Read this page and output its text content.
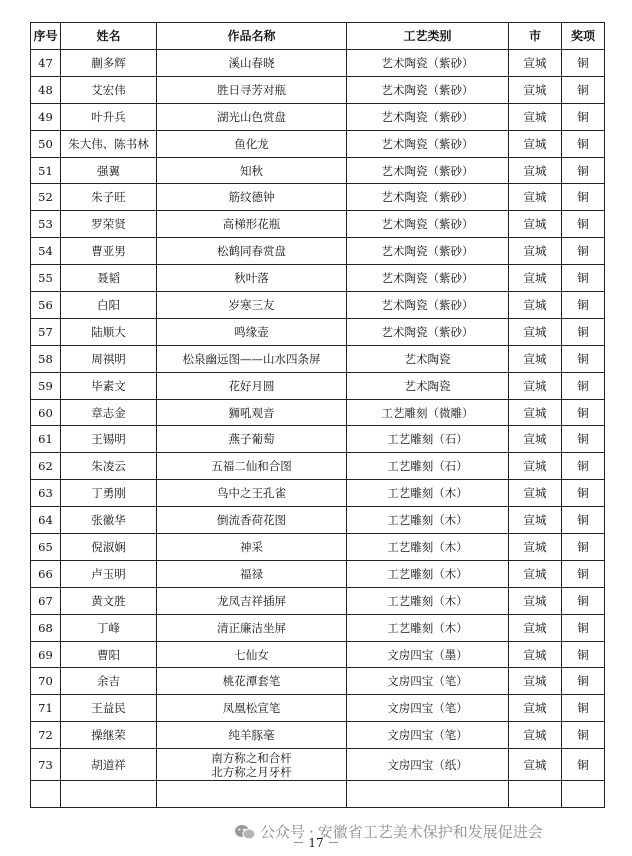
序号	姓名	作品名称	工艺类别	市	奖项
47	蒯多辉	溪山春晓	艺术陶瓷（紫砂）	宣城	铜
48	艾宏伟	胜日寻芳对瓶	艺术陶瓷（紫砂）	宣城	铜
49	叶升兵	湖光山色赏盘	艺术陶瓷（紫砂）	宣城	铜
50	朱大伟、陈书林	鱼化龙	艺术陶瓷（紫砂）	宣城	铜
51	强翼	知秋	艺术陶瓷（紫砂）	宣城	铜
52	朱子旺	筋纹德钟	艺术陶瓷（紫砂）	宣城	铜
53	罗荣贤	高梯形花瓶	艺术陶瓷（紫砂）	宣城	铜
54	曹亚男	松鹤同春赏盘	艺术陶瓷（紫砂）	宣城	铜
55	聂韬	秋叶落	艺术陶瓷（紫砂）	宣城	铜
56	白阳	岁寒三友	艺术陶瓷（紫砂）	宣城	铜
57	陆顺大	鸣缘壶	艺术陶瓷（紫砂）	宣城	铜
58	周祺明	松泉幽远图——山水四条屏	艺术陶瓷	宣城	铜
59	毕素文	花好月圆	艺术陶瓷	宣城	铜
60	章志金	狮吼观音	工艺雕刻（微雕）	宣城	铜
61	王锡明	燕子葡萄	工艺雕刻（石）	宣城	铜
62	朱凌云	五福二仙和合图	工艺雕刻（石）	宣城	铜
63	丁勇刚	鸟中之王孔雀	工艺雕刻（木）	宣城	铜
64	张徽华	倒流香荷花图	工艺雕刻（木）	宣城	铜
65	倪淑娴	神采	工艺雕刻（木）	宣城	铜
66	卢玉明	福禄	工艺雕刻（木）	宣城	铜
67	黄文胜	龙凤吉祥插屏	工艺雕刻（木）	宣城	铜
68	丁峰	清正廉洁坐屏	工艺雕刻（木）	宣城	铜
69	曹阳	七仙女	文房四宝（墨）	宣城	铜
70	余吉	桃花潭套笔	文房四宝（笔）	宣城	铜
71	王益民	凤凰松宣笔	文房四宝（笔）	宣城	铜
72	操继荣	纯羊豚毫	文房四宝（笔）	宣城	铜
73	胡道祥	南方称之和合杆
北方称之月牙杆	文房四宝（纸）	宣城	铜

公众号 · 安徽省工艺美术保护和发展促进会
－ 17 －
